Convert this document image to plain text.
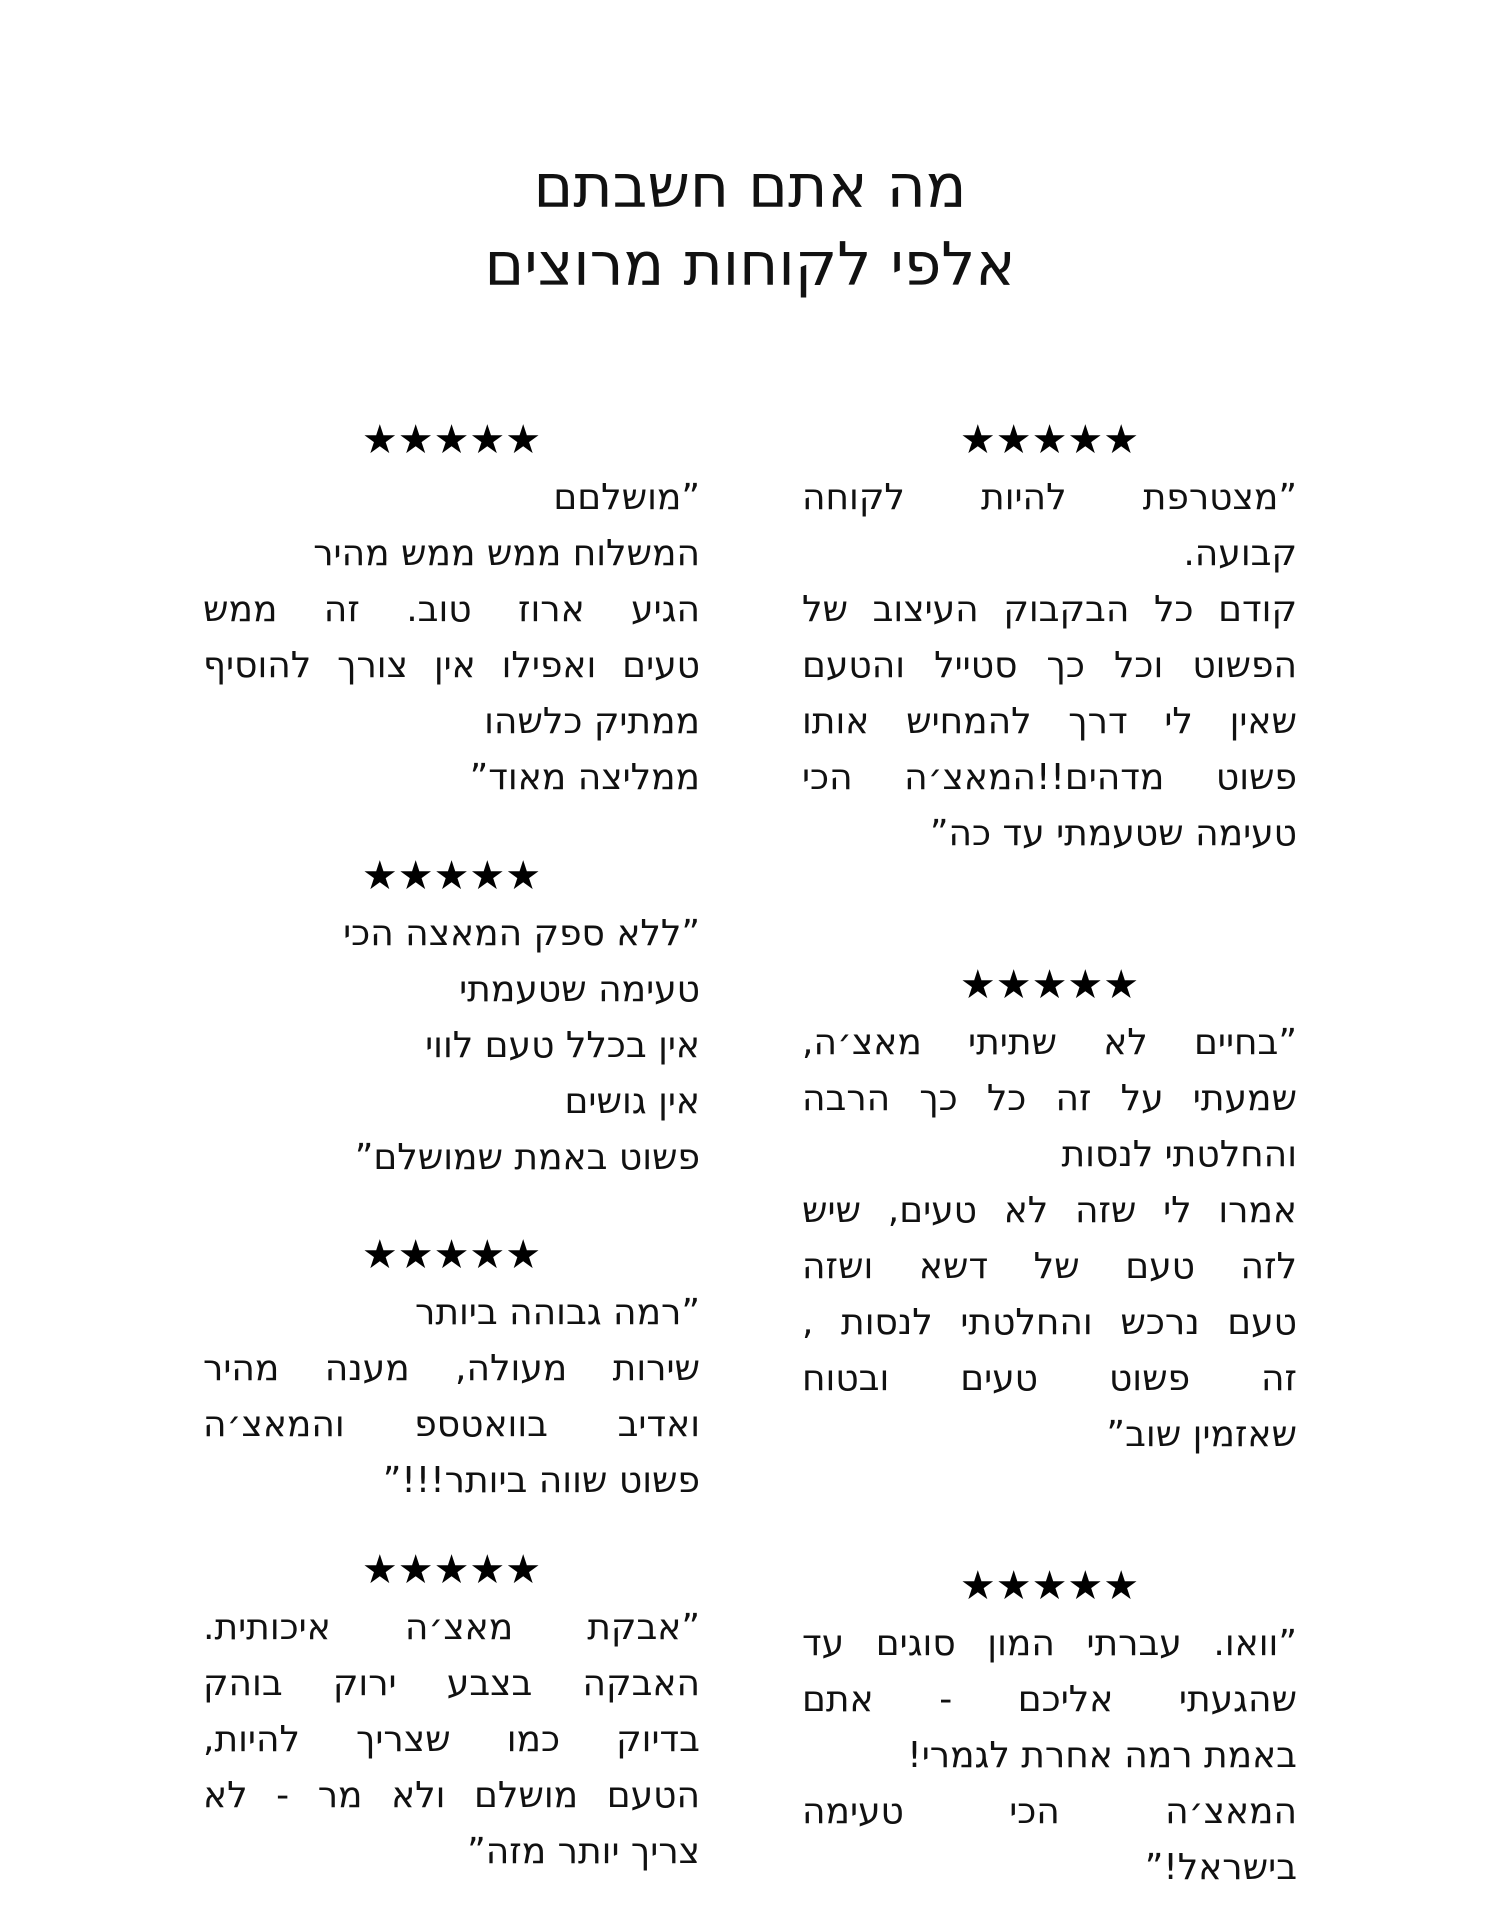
מה אתם חשבתם
אלפי לקוחות מרוצים
★★★★★
”מצטרפת להיות לקוחה
קבועה.
קודם כל הבקבוק העיצוב של
הפשוט וכל כך סטייל והטעם
שאין לי דרך להמחיש אותו
פשוט מדהים!!המאצ׳ה הכי
טעימה שטעמתי עד כה”
★★★★★
”בחיים לא שתיתי מאצ׳ה,
שמעתי על זה כל כך הרבה
והחלטתי לנסות
אמרו לי שזה לא טעים, שיש
לזה טעם של דשא ושזה
טעם נרכש והחלטתי לנסות ,
זה פשוט טעים ובטוח
שאזמין שוב”
★★★★★
”וואו. עברתי המון סוגים עד
שהגעתי אליכם - אתם
באמת רמה אחרת לגמרי!
המאצ׳ה הכי טעימה
בישראל!”
★★★★★
”מושלםם
המשלוח ממש ממש מהיר
הגיע ארוז טוב. זה ממש
טעים ואפילו אין צורך להוסיף
ממתיק כלשהו
ממליצה מאוד”
★★★★★
”ללא ספק המאצה הכי
טעימה שטעמתי
אין בכלל טעם לווי
אין גושים
פשוט באמת שמושלם”
★★★★★
”רמה גבוהה ביותר
שירות מעולה, מענה מהיר
ואדיב בוואטספ והמאצ׳ה
פשוט שווה ביותר!!!”
★★★★★
”אבקת מאצ׳ה איכותית.
האבקה בצבע ירוק בוהק
בדיוק כמו שצריך להיות,
הטעם מושלם ולא מר - לא
צריך יותר מזה”
